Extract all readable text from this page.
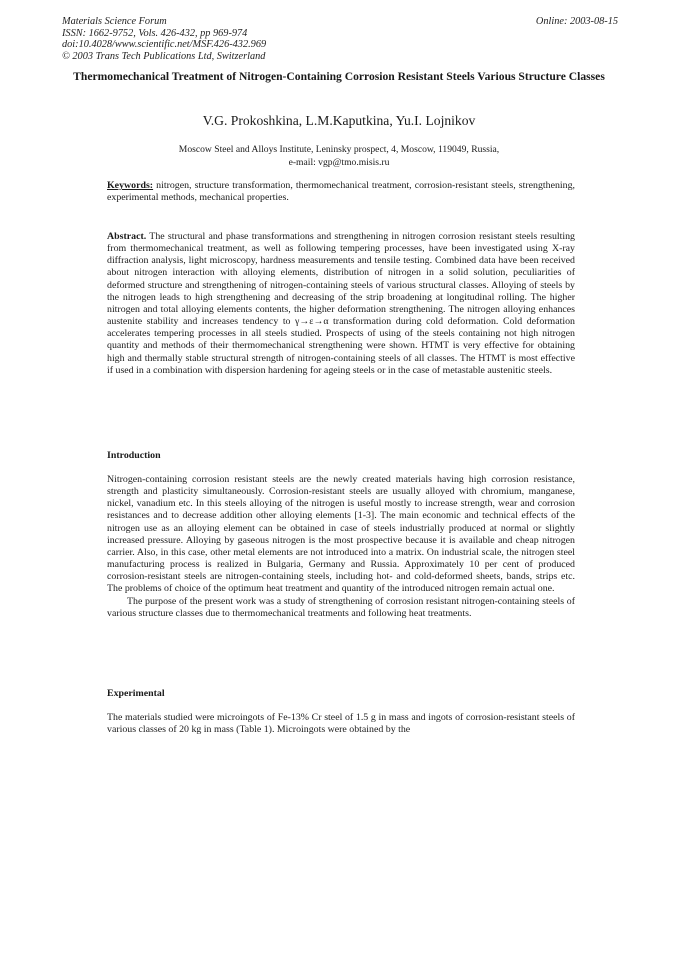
Materials Science Forum
ISSN: 1662-9752, Vols. 426-432, pp 969-974
doi:10.4028/www.scientific.net/MSF.426-432.969
© 2003 Trans Tech Publications Ltd, Switzerland
Online: 2003-08-15
Thermomechanical Treatment of Nitrogen-Containing Corrosion Resistant Steels Various Structure Classes
V.G. Prokoshkina, L.M.Kaputkina, Yu.I. Lojnikov
Moscow Steel and Alloys Institute, Leninsky prospect, 4, Moscow, 119049, Russia,
e-mail: vgp@tmo.misis.ru

Keywords: nitrogen, structure transformation, thermomechanical treatment, corrosion-resistant steels, strengthening, experimental methods, mechanical properties.

Abstract. The structural and phase transformations and strengthening in nitrogen corrosion resistant steels resulting from thermomechanical treatment, as well as following tempering processes, have been investigated using X-ray diffraction analysis, light microscopy, hardness measurements and tensile testing. Combined data have been received about nitrogen interaction with alloying elements, distribution of nitrogen in a solid solution, peculiarities of deformed structure and strengthening of nitrogen-containing steels of various structural classes. Alloying of steels by the nitrogen leads to high strengthening and decreasing of the strip broadening at longitudinal rolling. The higher nitrogen and total alloying elements contents, the higher deformation strengthening. The nitrogen alloying enhances austenite stability and increases tendency to γ→ε→α transformation during cold deformation. Cold deformation accelerates tempering processes in all steels studied. Prospects of using of the steels containing not high nitrogen quantity and methods of their thermomechanical strengthening were shown. HTMT is very effective for obtaining high and thermally stable structural strength of nitrogen-containing steels of all classes. The HTMT is most effective if used in a combination with dispersion hardening for ageing steels or in the case of metastable austenitic steels.

Introduction

Nitrogen-containing corrosion resistant steels are the newly created materials having high corrosion resistance, strength and plasticity simultaneously. Corrosion-resistant steels are usually alloyed with chromium, manganese, nickel, vanadium etc. In this steels alloying of the nitrogen is useful mostly to increase strength, wear and corrosion resistances and to decrease addition other alloying elements [1-3]. The main economic and technical effects of the nitrogen use as an alloying element can be obtained in case of steels industrially produced at normal or slightly increased pressure. Alloying by gaseous nitrogen is the most prospective because it is available and cheap nitrogen carrier. Also, in this case, other metal elements are not introduced into a matrix. On industrial scale, the nitrogen steel manufacturing process is realized in Bulgaria, Germany and Russia. Approximately 10 per cent of produced corrosion-resistant steels are nitrogen-containing steels, including hot- and cold-deformed sheets, bands, strips etc. The problems of choice of the optimum heat treatment and quantity of the introduced nitrogen remain actual one.

The purpose of the present work was a study of strengthening of corrosion resistant nitrogen-containing steels of various structure classes due to thermomechanical treatments and following heat treatments.

Experimental

The materials studied were microingots of Fe-13% Cr steel of 1.5 g in mass and ingots of corrosion-resistant steels of various classes of 20 kg in mass (Table 1). Microingots were obtained by the
